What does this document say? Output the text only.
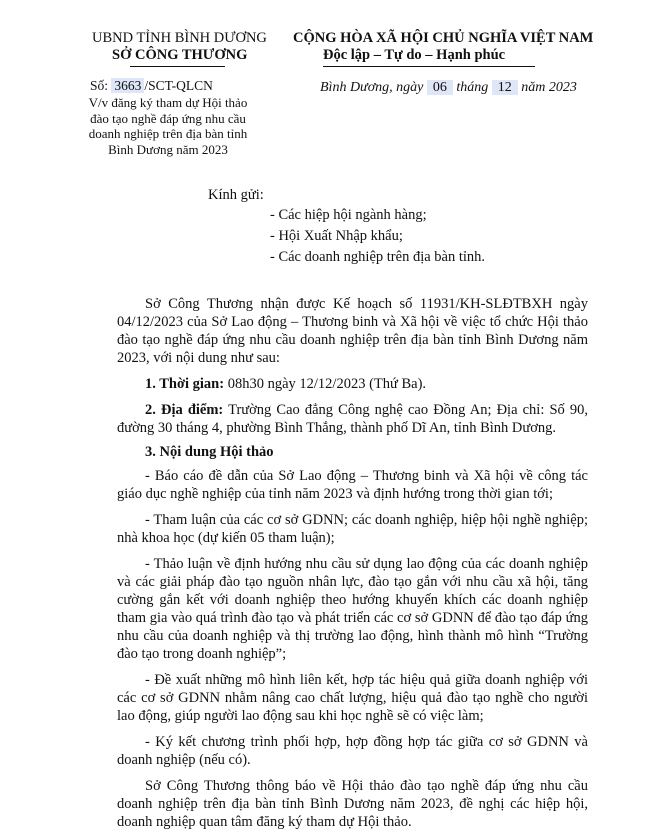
UBND TỈNH BÌNH DƯƠNG
SỞ CÔNG THƯƠNG
Số: 3663 /SCT-QLCN
V/v đăng ký tham dự Hội thảo đào tạo nghề đáp ứng nhu cầu doanh nghiệp trên địa bàn tỉnh Bình Dương năm 2023
CỘNG HÒA XÃ HỘI CHỦ NGHĨA VIỆT NAM
Độc lập – Tự do – Hạnh phúc
Bình Dương, ngày 06 tháng 12 năm 2023
Kính gửi:
- Các hiệp hội ngành hàng;
- Hội Xuất Nhập khẩu;
- Các doanh nghiệp trên địa bàn tỉnh.

Sở Công Thương nhận được Kế hoạch số 11931/KH-SLĐTBXH ngày 04/12/2023 của Sở Lao động – Thương binh và Xã hội về việc tổ chức Hội thảo đào tạo nghề đáp ứng nhu cầu doanh nghiệp trên địa bàn tỉnh Bình Dương năm 2023, với nội dung như sau:

1. Thời gian: 08h30 ngày 12/12/2023 (Thứ Ba).

2. Địa điểm: Trường Cao đẳng Công nghệ cao Đồng An; Địa chỉ: Số 90, đường 30 tháng 4, phường Bình Thắng, thành phố Dĩ An, tỉnh Bình Dương.

3. Nội dung Hội thảo

- Báo cáo đề dẫn của Sở Lao động – Thương binh và Xã hội về công tác giáo dục nghề nghiệp của tỉnh năm 2023 và định hướng trong thời gian tới;

- Tham luận của các cơ sở GDNN; các doanh nghiệp, hiệp hội nghề nghiệp; nhà khoa học (dự kiến 05 tham luận);

- Thảo luận về định hướng nhu cầu sử dụng lao động của các doanh nghiệp và các giải pháp đào tạo nguồn nhân lực, đào tạo gắn với nhu cầu xã hội, tăng cường gắn kết với doanh nghiệp theo hướng khuyến khích các doanh nghiệp tham gia vào quá trình đào tạo và phát triển các cơ sở GDNN để đào tạo đáp ứng nhu cầu của doanh nghiệp và thị trường lao động, hình thành mô hình “Trường đào tạo trong doanh nghiệp”;

- Đề xuất những mô hình liên kết, hợp tác hiệu quả giữa doanh nghiệp với các cơ sở GDNN nhằm nâng cao chất lượng, hiệu quả đào tạo nghề cho người lao động, giúp người lao động sau khi học nghề sẽ có việc làm;

- Ký kết chương trình phối hợp, hợp đồng hợp tác giữa cơ sở GDNN và doanh nghiệp (nếu có).

Sở Công Thương thông báo về Hội thảo đào tạo nghề đáp ứng nhu cầu doanh nghiệp trên địa bàn tỉnh Bình Dương năm 2023, đề nghị các hiệp hội, doanh nghiệp quan tâm đăng ký tham dự Hội thảo.
